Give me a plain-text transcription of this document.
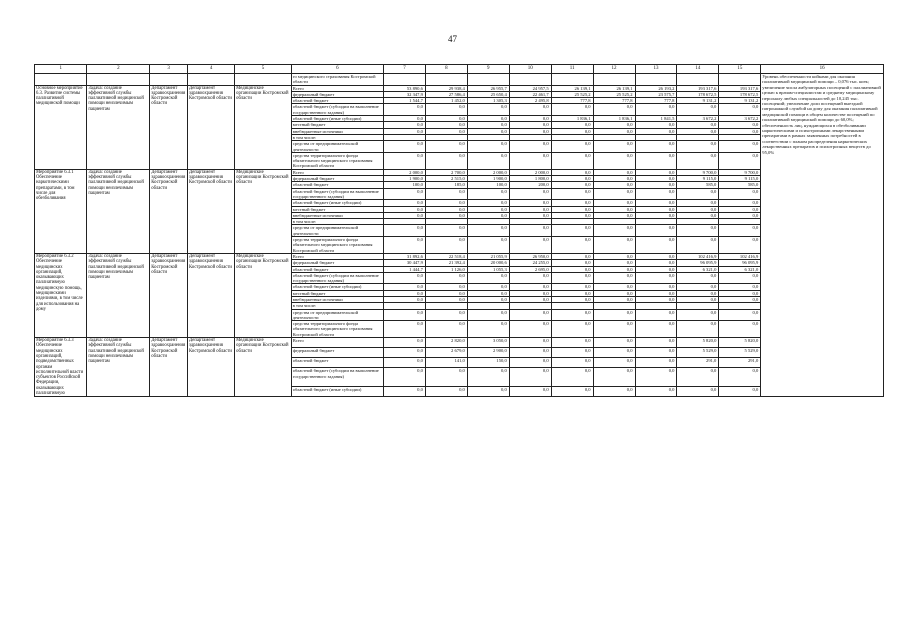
47
1	2	3	4	5	6	7	8	9	10	11	12	13	14	15	16
					го медицинского страхования Костромской области										Уровень обеспеченности койками для оказания паллиативной медицинской помощи – 0,076 тыс. коек; увеличение числа амбулаторных посещений с паллиативной целью к врачам-специалистам и среднему медицинскому персоналу любых специальностей до 10,245 тыс. посещений; увеличение доли посещений выездной патронажной службой на дому для оказания паллиативной медицинской помощи в общем количестве посещений по паллиативной медицинской помощи до 60,0%; обеспеченность лиц, нуждающихся в обезболивании наркотическими и психотропными лекарственными препаратами в рамках заявленных потребностей в соответствии с планом распределения наркотических лекарственных препаратов и психотропных веществ до 95,0%
Основное мероприятие 6.3. Развитие системы паллиативной медицинской помощи	Задача: создание эффективной службы паллиативной медицинской помощи неизлечимым пациентам	Департамент здравоохранения Костромской области	Департамент здравоохранения Костромской области	Медицинские организации Костромской области	Всего	53 890,6	29 938,4	26 955,7	24 957,5	26 139,1	26 139,1	26 193,2	193 317,6	193 317,6	
					федеральный бюджет	32 347,9	27 586,4	25 650,4	22 461,7	25 525,2	25 525,2	23 575,7	178 672,5	178 672,5	
					областной бюджет	1 544,7	1 452,0	1 305,3	2 495,8	777,8	777,8	777,8	9 131,2	9 131,2	
					областной бюджет (субсидии на выполнение государственного задания)	0,0	0,0	0,0	0,0	0,0	0,0	0,0	0,0	0,0	
					областной бюджет (иные субсидии)	0,0	0,0	0,0	0,0	1 836,1	1 836,1	1 841,5	3 672,2	3 672,2	
					местный бюджет	0,0	0,0	0,0	0,0	0,0	0,0	0,0	0,0	0,0	
					внебюджетные источники	0,0	0,0	0,0	0,0	0,0	0,0	0,0	0,0	0,0	
					в том числе:										
					средства от предпринимательской деятельности	0,0	0,0	0,0	0,0	0,0	0,0	0,0	0,0	0,0	
					средства территориального фонда обязательного медицинского страхования Костромской области	0,0	0,0	0,0	0,0	0,0	0,0	0,0	0,0	0,0	
Мероприятие 6.3.1 Обеспечение наркотическими препаратами, в том числе для обезболивания	Задача: создание эффективной службы паллиативной медицинской помощи неизлечимым пациентам	Департамент здравоохранения Костромской области	Департамент здравоохранения Костромской области	Медицинские организации Костромской области	Всего	2 000,0	2 700,0	2 000,0	2 000,0	0,0	0,0	0,0	9 700,0	9 700,0	
					федеральный бюджет	1 900,0	2 515,0	1 900,0	1 800,0	0,0	0,0	0,0	9 115,0	9 115,0	
					областной бюджет	100,0	185,0	100,0	200,0	0,0	0,0	0,0	585,0	585,0	
					областной бюджет (субсидии на выполнение государственного задания)	0,0	0,0	0,0	0,0	0,0	0,0	0,0	0,0	0,0	
					областной бюджет (иные субсидии)	0,0	0,0	0,0	0,0	0,0	0,0	0,0	0,0	0,0	
					местный бюджет	0,0	0,0	0,0	0,0	0,0	0,0	0,0	0,0	0,0	
					внебюджетные источники	0,0	0,0	0,0	0,0	0,0	0,0	0,0	0,0	0,0	
					в том числе:										
					средства от предпринимательской деятельности	0,0	0,0	0,0	0,0	0,0	0,0	0,0	0,0	0,0	
					средства территориального фонда обязательного медицинского страхования Костромской области	0,0	0,0	0,0	0,0	0,0	0,0	0,0	0,0	0,0	
Мероприятие 6.3.2 Обеспечение медицинских организаций, оказывающих паллиативную медицинскую помощь, медицинскими изделиями, в том числе для использования на дому	Задача: создание эффективной службы паллиативной медицинской помощи неизлечимым пациентам	Департамент здравоохранения Костромской области	Департамент здравоохранения Костромской области	Медицинские организации Костромской области	Всего	31 892,6	22 518,4	21 055,9	26 950,0	0,0	0,0	0,0	102 416,9	102 416,9	
					федеральный бюджет	30 447,9	21 392,4	20 000,6	24 255,0	0,0	0,0	0,0	96 095,9	96 095,9	
					областной бюджет	1 444,7	1 126,0	1 055,3	2 695,0	0,0	0,0	0,0	6 321,0	6 321,0	
					областной бюджет (субсидии на выполнение государственного задания)	0,0	0,0	0,0	0,0	0,0	0,0	0,0	0,0	0,0	
					областной бюджет (иные субсидии)	0,0	0,0	0,0	0,0	0,0	0,0	0,0	0,0	0,0	
					местный бюджет	0,0	0,0	0,0	0,0	0,0	0,0	0,0	0,0	0,0	
					внебюджетные источники	0,0	0,0	0,0	0,0	0,0	0,0	0,0	0,0	0,0	
					в том числе:										
					средства от предпринимательской деятельности	0,0	0,0	0,0	0,0	0,0	0,0	0,0	0,0	0,0	
					средства территориального фонда обязательного медицинского страхования Костромской области	0,0	0,0	0,0	0,0	0,0	0,0	0,0	0,0	0,0	
Мероприятие 6.3.3 Обеспечение медицинских организаций, подведомственных органам исполнительной власти субъектов Российской Федерации, оказывающих паллиативную	Задача: создание эффективной службы паллиативной медицинской помощи неизлечимым пациентам	Департамент здравоохранения Костромской области	Департамент здравоохранения Костромской области	Медицинские организации Костромской области	Всего	0,0	2 820,0	3 050,0	0,0	0,0	0,0	0,0	5 820,0	5 820,0	
					федеральный бюджет	0,0	2 679,0	2 900,0	0,0	0,0	0,0	0,0	5 529,0	5 529,0	
					областной бюджет	0,0	141,0	150,0	0,0	0,0	0,0	0,0	291,0	291,0	
					областной бюджет (субсидии на выполнение государственного задания)	0,0	0,0	0,0	0,0	0,0	0,0	0,0	0,0	0,0	
					областной бюджет (иные субсидии)	0,0	0,0	0,0	0,0	0,0	0,0	0,0	0,0	0,0	
